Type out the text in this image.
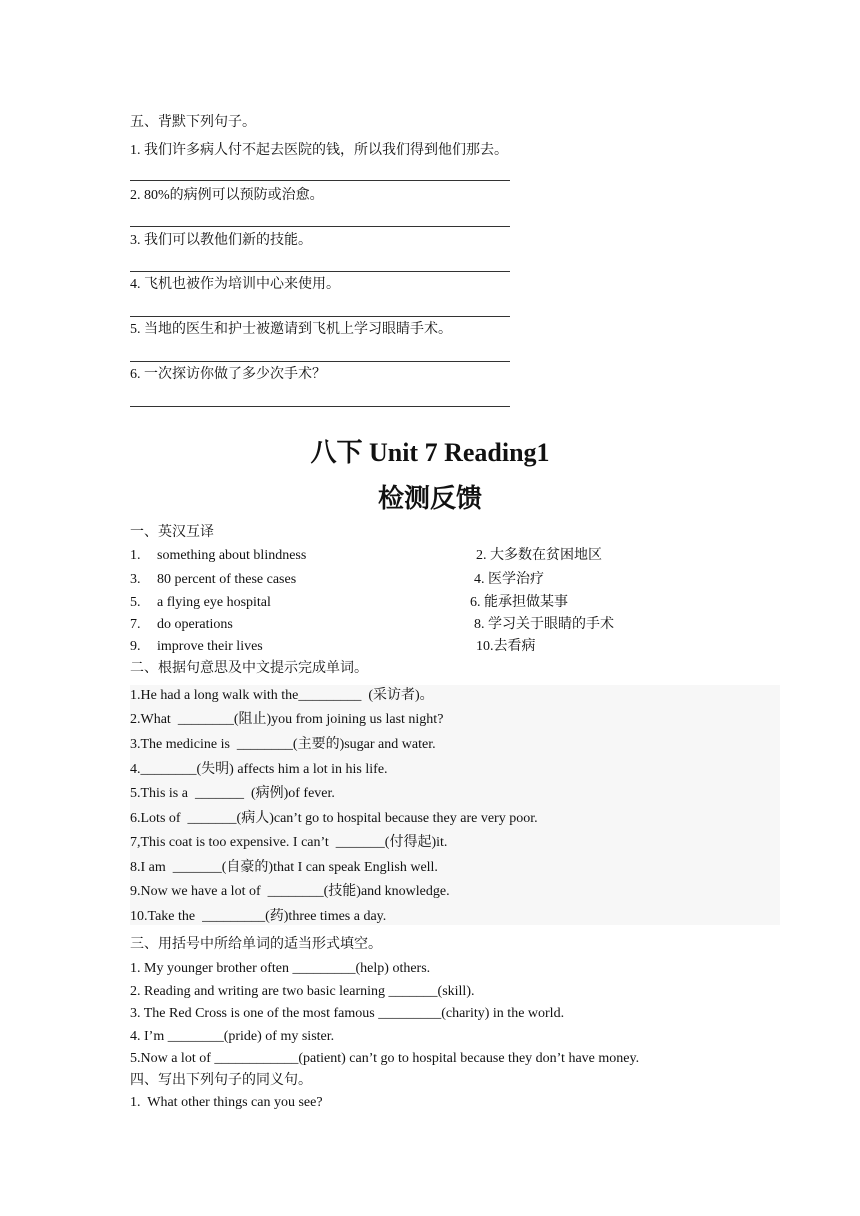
五、背默下列句子。
1. 我们许多病人付不起去医院的钱，所以我们得到他们那去。
2. 80%的病例可以预防或治愈。
3. 我们可以教他们新的技能。
4. 飞机也被作为培训中心来使用。
5. 当地的医生和护士被邀请到飞机上学习眼睛手术。
6. 一次探访你做了多少次手术？
八下 Unit 7 Reading1
检测反馈
一、英汉互译
1. something about blindness	2. 大多数在贫困地区
3. 80 percent of these cases	4. 医学治疗
5. a flying eye hospital	6. 能承担做某事
7. do operations	8. 学习关于眼睛的手术
9. improve their lives	10.去看病
二、根据句意思及中文提示完成单词。
1.He had a long walk with the_________  (采访者)。
2.What  ________(阻止)you from joining us last night?
3.The medicine is  ________(主要的)sugar and water.
4.________(失明) affects him a lot in his life.
5.This is a  _______  (病例)of fever.
6.Lots of  _______(病人)can’t go to hospital because they are very poor.
7,This coat is too expensive. I can’t  _______(付得起)it.
8.I am  _______(自豪的)that I can speak English well.
9.Now we have a lot of  ________(技能)and knowledge.
10.Take the  _________(药)three times a day.
三、用括号中所给单词的适当形式填空。
1. My younger brother often _________(help) others.
2. Reading and writing are two basic learning _______(skill).
3. The Red Cross is one of the most famous _________(charity) in the world.
4. I’m ________(pride) of my sister.
5.Now a lot of ____________(patient) can’t go to hospital because they don’t have money.
四、写出下列句子的同义句。
1.  What other things can you see?
